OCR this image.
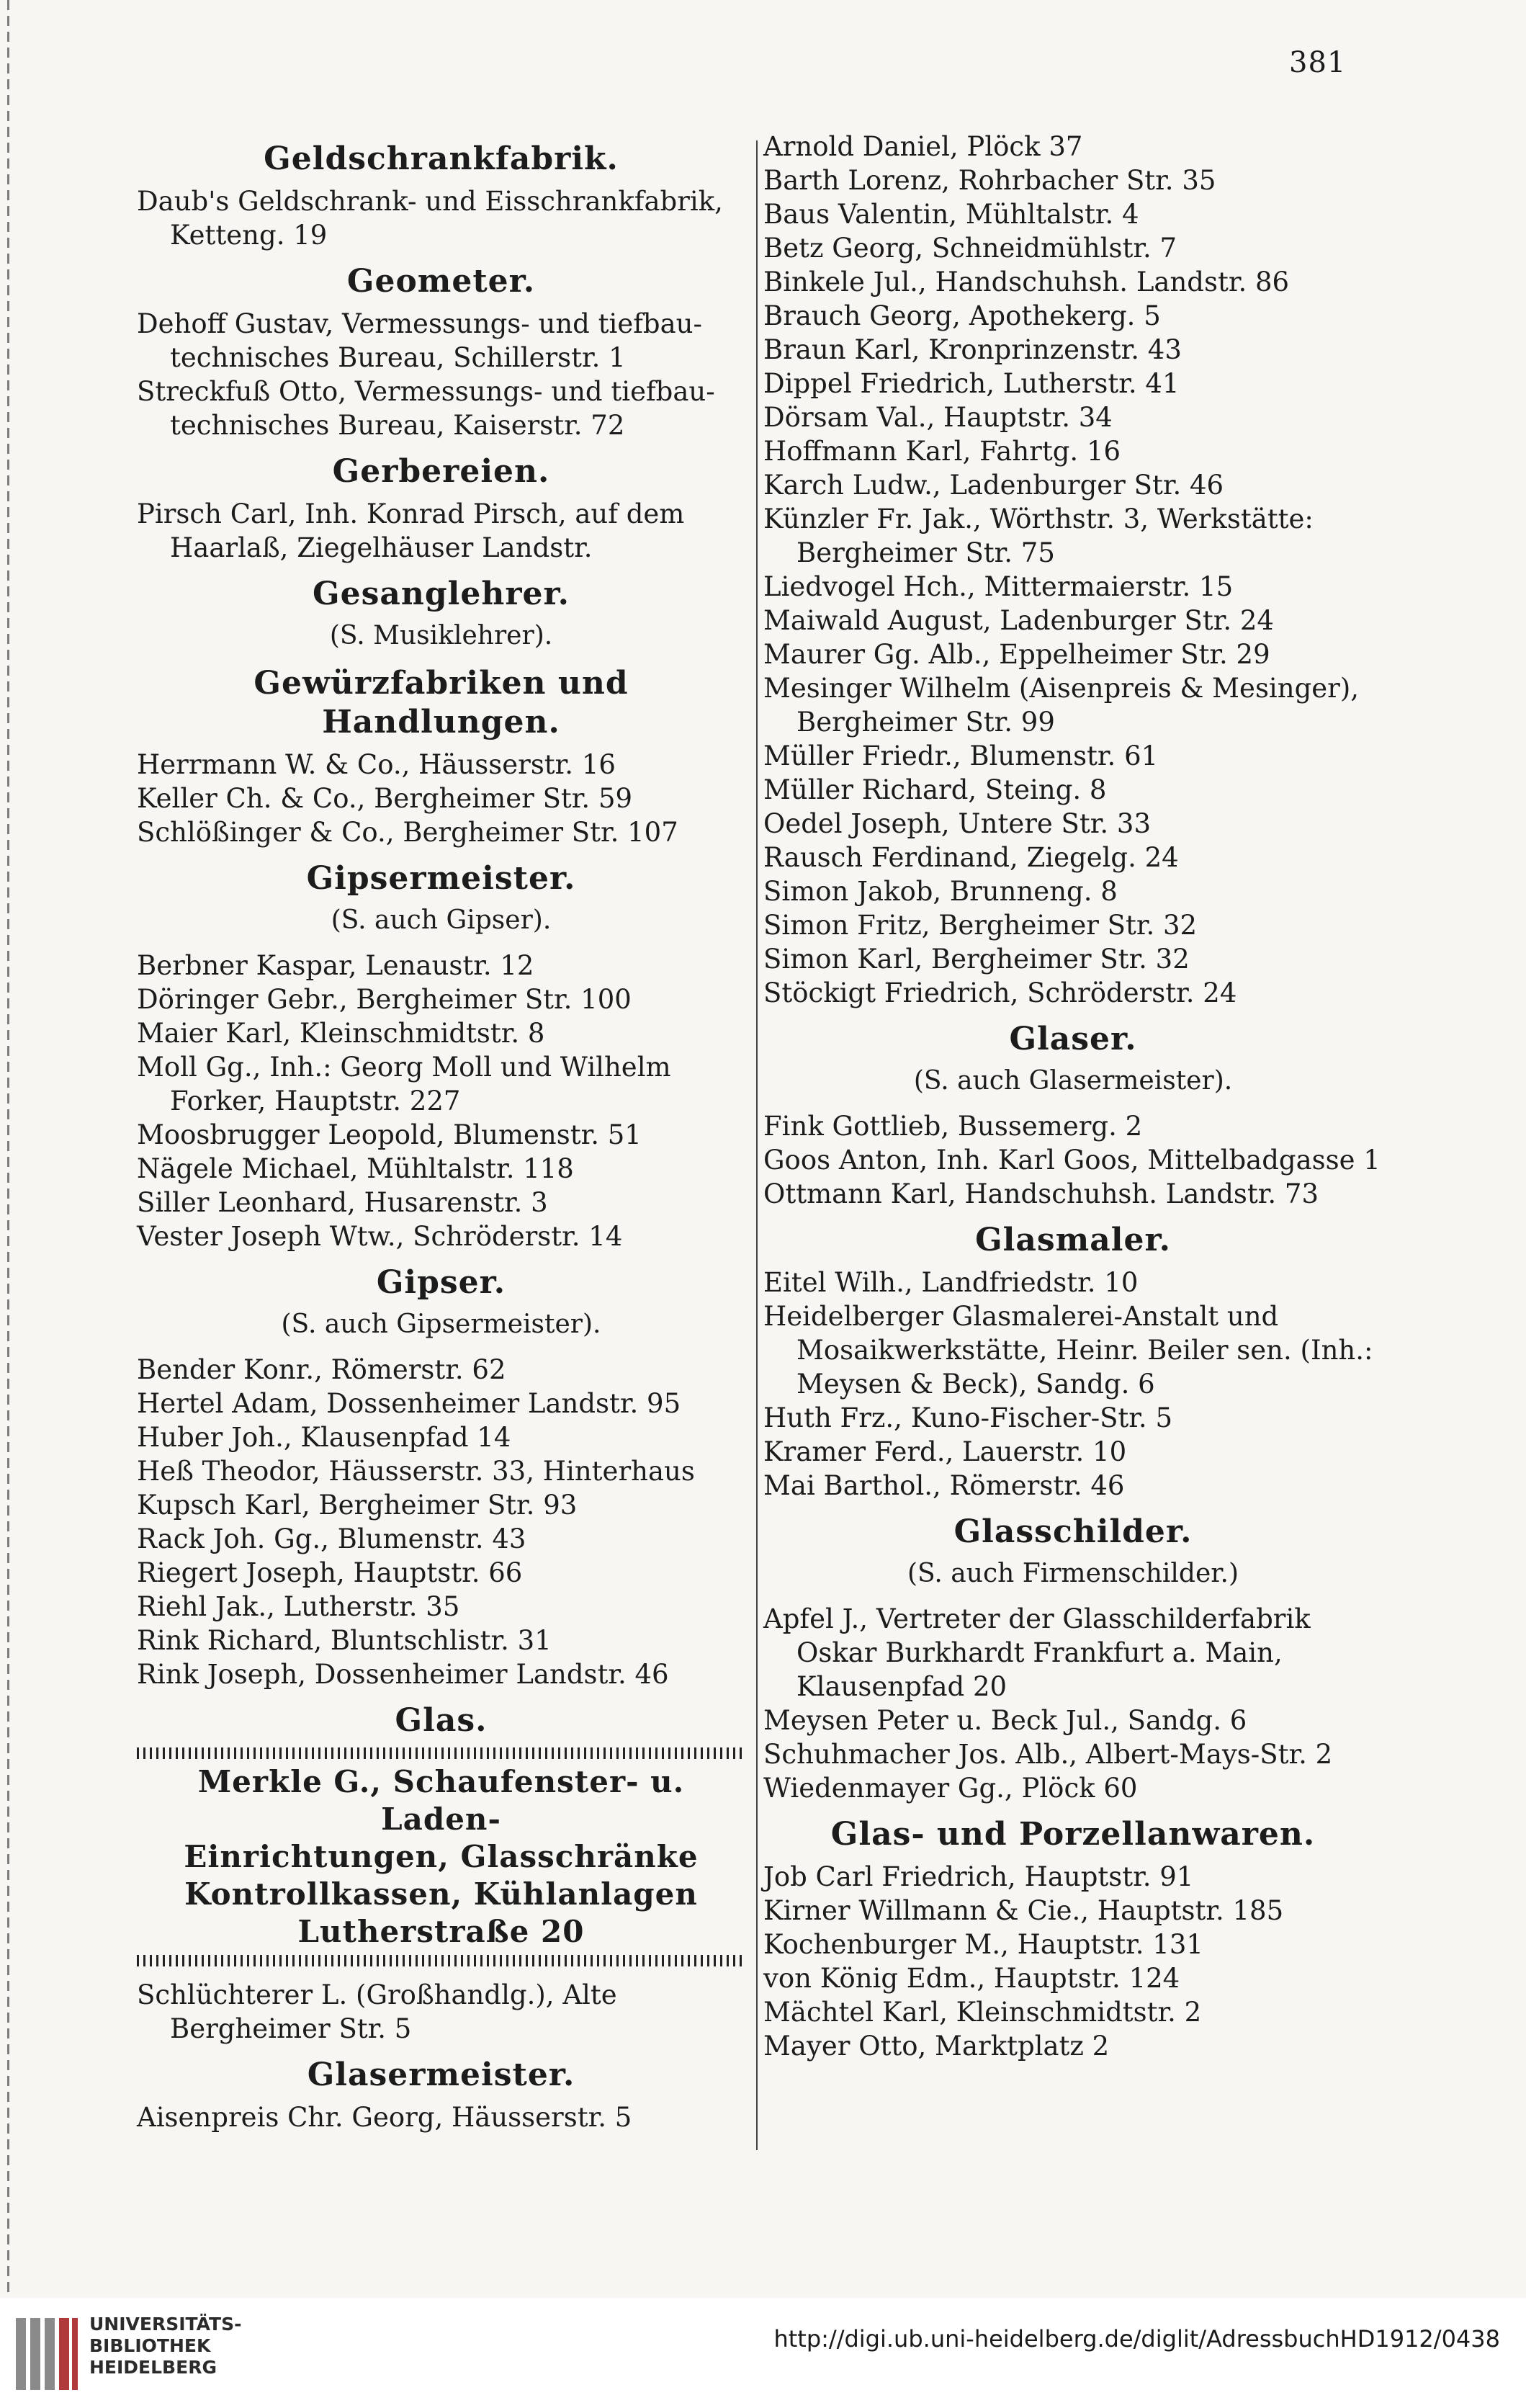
381
Geldschrankfabrik.
Daub's Geldschrank- und Eisschrankfabrik, Ketteng. 19
Geometer.
Dehoff Gustav, Vermessungs- und tiefbau-technisches Bureau, Schillerstr. 1
Streckfuß Otto, Vermessungs- und tiefbau-technisches Bureau, Kaiserstr. 72
Gerbereien.
Pirsch Carl, Inh. Konrad Pirsch, auf dem Haarlaß, Ziegelhäuser Landstr.
Gesanglehrer.
(S. Musiklehrer).
Gewürzfabriken und Handlungen.
Herrmann W. & Co., Häusserstr. 16
Keller Ch. & Co., Bergheimer Str. 59
Schlößinger & Co., Bergheimer Str. 107
Gipsermeister.
(S. auch Gipser).
Berbner Kaspar, Lenaustr. 12
Döringer Gebr., Bergheimer Str. 100
Maier Karl, Kleinschmidtstr. 8
Moll Gg., Inh.: Georg Moll und Wilhelm Forker, Hauptstr. 227
Moosbrugger Leopold, Blumenstr. 51
Nägele Michael, Mühltalstr. 118
Siller Leonhard, Husarenstr. 3
Vester Joseph Wtw., Schröderstr. 14
Gipser.
(S. auch Gipsermeister).
Bender Konr., Römerstr. 62
Hertel Adam, Dossenheimer Landstr. 95
Huber Joh., Klausenpfad 14
Heß Theodor, Häusserstr. 33, Hinterhaus
Kupsch Karl, Bergheimer Str. 93
Rack Joh. Gg., Blumenstr. 43
Riegert Joseph, Hauptstr. 66
Riehl Jak., Lutherstr. 35
Rink Richard, Bluntschlistr. 31
Rink Joseph, Dossenheimer Landstr. 46
Glas.
Merkle G., Schaufenster- u. Laden-
Einrichtungen, Glasschränke
Kontrollkassen, Kühlanlagen
Lutherstraße 20
Schlüchterer L. (Großhandlg.), Alte Bergheimer Str. 5
Glasermeister.
Aisenpreis Chr. Georg, Häusserstr. 5
Arnold Daniel, Plöck 37
Barth Lorenz, Rohrbacher Str. 35
Baus Valentin, Mühltalstr. 4
Betz Georg, Schneidmühlstr. 7
Binkele Jul., Handschuhsh. Landstr. 86
Brauch Georg, Apothekerg. 5
Braun Karl, Kronprinzenstr. 43
Dippel Friedrich, Lutherstr. 41
Dörsam Val., Hauptstr. 34
Hoffmann Karl, Fahrtg. 16
Karch Ludw., Ladenburger Str. 46
Künzler Fr. Jak., Wörthstr. 3, Werkstätte: Bergheimer Str. 75
Liedvogel Hch., Mittermaierstr. 15
Maiwald August, Ladenburger Str. 24
Maurer Gg. Alb., Eppelheimer Str. 29
Mesinger Wilhelm (Aisenpreis & Mesinger), Bergheimer Str. 99
Müller Friedr., Blumenstr. 61
Müller Richard, Steing. 8
Oedel Joseph, Untere Str. 33
Rausch Ferdinand, Ziegelg. 24
Simon Jakob, Brunneng. 8
Simon Fritz, Bergheimer Str. 32
Simon Karl, Bergheimer Str. 32
Stöckigt Friedrich, Schröderstr. 24
Glaser.
(S. auch Glasermeister).
Fink Gottlieb, Bussemerg. 2
Goos Anton, Inh. Karl Goos, Mittelbadgasse 1
Ottmann Karl, Handschuhsh. Landstr. 73
Glasmaler.
Eitel Wilh., Landfriedstr. 10
Heidelberger Glasmalerei-Anstalt und Mosaikwerkstätte, Heinr. Beiler sen. (Inh.: Meysen & Beck), Sandg. 6
Huth Frz., Kuno-Fischer-Str. 5
Kramer Ferd., Lauerstr. 10
Mai Barthol., Römerstr. 46
Glasschilder.
(S. auch Firmenschilder.)
Apfel J., Vertreter der Glasschilderfabrik Oskar Burkhardt Frankfurt a. Main, Klausenpfad 20
Meysen Peter u. Beck Jul., Sandg. 6
Schuhmacher Jos. Alb., Albert-Mays-Str. 2
Wiedenmayer Gg., Plöck 60
Glas- und Porzellanwaren.
Job Carl Friedrich, Hauptstr. 91
Kirner Willmann & Cie., Hauptstr. 185
Kochenburger M., Hauptstr. 131
von König Edm., Hauptstr. 124
Mächtel Karl, Kleinschmidtstr. 2
Mayer Otto, Marktplatz 2
UNIVERSITÄTS-
BIBLIOTHEK
HEIDELBERG
http://digi.ub.uni-heidelberg.de/diglit/AdressbuchHD1912/0438
